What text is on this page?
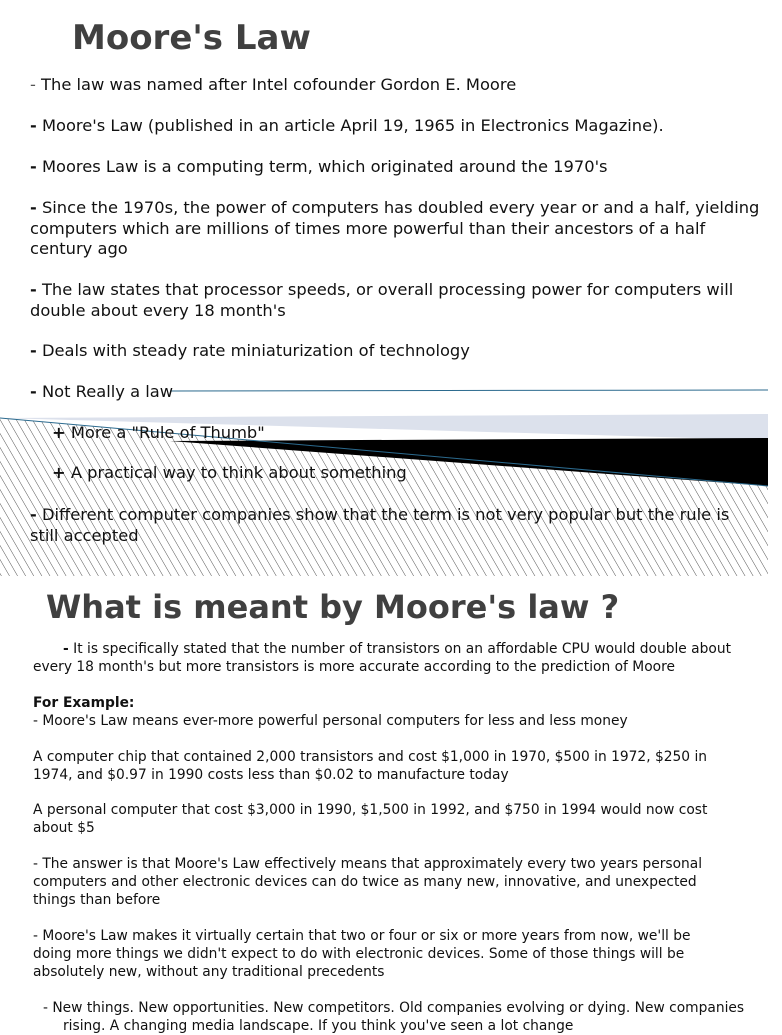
Moore's Law

- The law was named after Intel cofounder Gordon E. Moore

- Moore's Law (published in an article April 19, 1965 in Electronics Magazine).

- Moores Law is a computing term, which originated around the 1970's

- Since the 1970s, the power of computers has doubled every year or and a half, yielding computers which are millions of times more powerful than their ancestors of a half century ago

- The law states that processor speeds, or overall processing power for computers will double about every 18 month's

- Deals with steady rate miniaturization of technology

- Not Really a law

+ More a "Rule of Thumb"

+ A practical way to think about something

- Different computer companies show that the term is not very popular but the rule is still accepted

What is meant by Moore's law ?

- It is specifically stated that the number of transistors on an affordable CPU would double about every 18 month's but more transistors is more accurate according to the prediction of Moore

For Example:

- Moore's Law means ever-more powerful personal computers for less and less money

A computer chip that contained 2,000 transistors and cost $1,000 in 1970, $500 in 1972, $250 in 1974, and $0.97 in 1990 costs less than $0.02 to manufacture today

A personal computer that cost $3,000 in 1990, $1,500 in 1992, and $750 in 1994 would now cost about $5

- The answer is that Moore's Law effectively means that approximately every two years personal computers and other electronic devices can do twice as many new, innovative, and unexpected things than before

- Moore's Law makes it virtually certain that two or four or six or more years from now, we'll be doing more things we didn't expect to do with electronic devices. Some of those things will be absolutely new, without any traditional precedents

- New things. New opportunities. New competitors. Old companies evolving or dying. New companies rising. A changing media landscape. If you think you've seen a lot change
